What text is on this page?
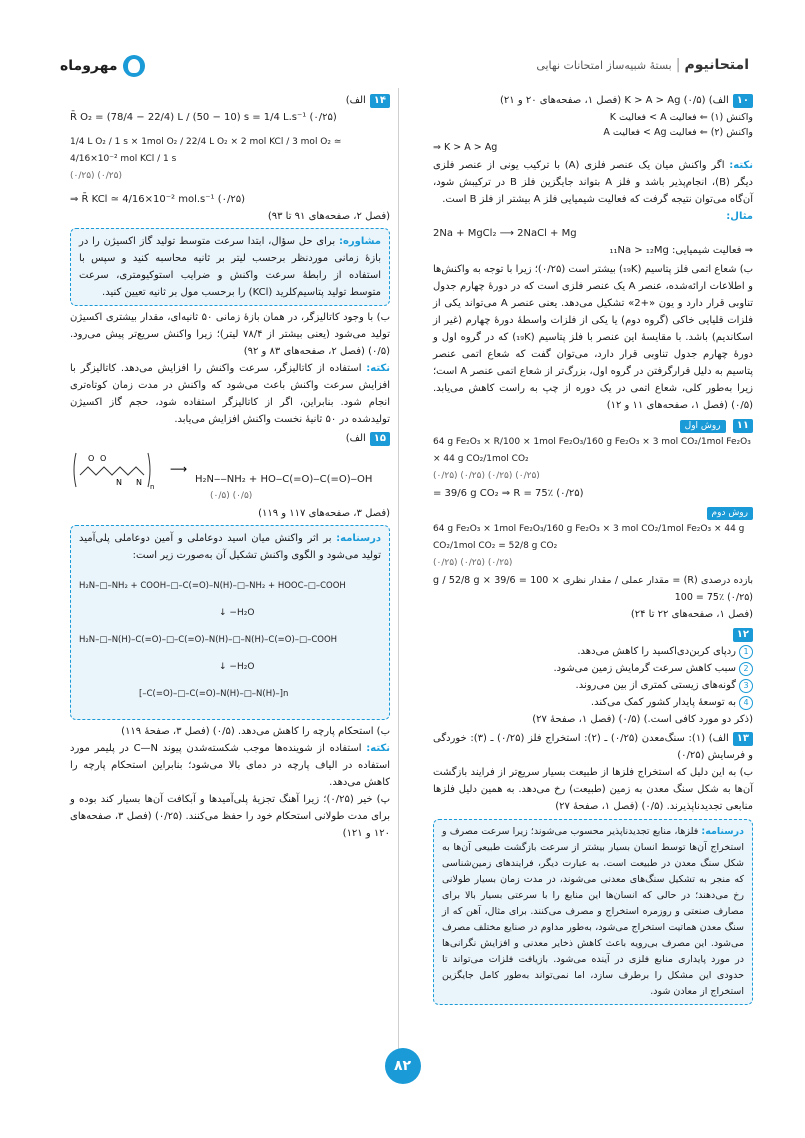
امتحانیوم|بستهٔ شبیه‌ساز امتحانات نهایی
مهروماه
۱۰الف) K > A > Ag (۰/۵) (فصل ۱، صفحه‌های ۲۰ و ۲۱)
واکنش (۱) ⇐ فعالیت A > فعالیت K
واکنش (۲) ⇐ فعالیت Ag > فعالیت A
⇒ K > A > Ag
نکته: اگر واکنش میان یک عنصر فلزی (A) با ترکیب یونی از عنصر فلزی دیگر (B)، انجام‌پذیر باشد و فلز A بتواند جایگزین فلز B در ترکیبش شود، آن‌گاه می‌توان نتیجه گرفت که فعالیت شیمیایی فلز A بیشتر از فلز B است.
مثال:
2Na + MgCl₂ ⟶ 2NaCl + Mg
⇒ فعالیت شیمیایی: ₁₁Na > ₁₂Mg
ب) شعاع اتمی فلز پتاسیم (₁₉K) بیشتر است (۰/۲۵)؛ زیرا با توجه به واکنش‌ها و اطلاعات ارائه‌شده، عنصر A یک عنصر فلزی است که در دورهٔ چهارم جدول تناوبی قرار دارد و یون «+2» تشکیل می‌دهد. یعنی عنصر A می‌تواند یکی از فلزات قلیایی خاکی (گروه دوم) یا یکی از فلزات واسطهٔ دورهٔ چهارم (غیر از اسکاندیم) باشد. با مقایسهٔ این عنصر با فلز پتاسیم (₁₉K) که در گروه اول و دورهٔ چهارم جدول تناوبی قرار دارد، می‌توان گفت که شعاع اتمی عنصر پتاسیم به دلیل قرارگرفتن در گروه اول، بزرگ‌تر از شعاع اتمی عنصر A است؛ زیرا به‌طور کلی، شعاع اتمی در یک دوره از چپ به راست کاهش می‌یابد. (۰/۵) (فصل ۱، صفحه‌های ۱۱ و ۱۲)
۱۱ روش اول
64 g Fe₂O₃ × R/100 × 1mol Fe₂O₃/160 g Fe₂O₃ × 3 mol CO₂/1mol Fe₂O₃ × 44 g CO₂/1mol CO₂
(۰/۲۵) (۰/۲۵) (۰/۲۵) (۰/۲۵)
= 39/6 g CO₂ ⇒ R = 75٪ (۰/۲۵)
روش دوم
64 g Fe₂O₃ × 1mol Fe₂O₃/160 g Fe₂O₃ × 3 mol CO₂/1mol Fe₂O₃ × 44 g CO₂/1mol CO₂ = 52/8 g CO₂
(۰/۲۵) (۰/۲۵) (۰/۲۵)
بازده درصدی (R) = مقدار عملی / مقدار نظری × 100 = 39/6 g / 52/8 g × 100 = 75٪ (۰/۲۵)
(فصل ۱، صفحه‌های ۲۲ تا ۲۴)
۱۲
1ردپای کربن‌دی‌اکسید را کاهش می‌دهد.
2سبب کاهش سرعت گرمایش زمین می‌شود.
3گونه‌های زیستی کمتری از بین می‌روند.
4به توسعهٔ پایدار کشور کمک می‌کند.
(ذکر دو مورد کافی است.) (۰/۵) (فصل ۱، صفحهٔ ۲۷)
۱۳الف) (۱): سنگ‌معدن (۰/۲۵) ـ (۲): استخراج فلز (۰/۲۵) ـ (۳): خوردگی و فرسایش (۰/۲۵)
ب) به این دلیل که استخراج فلزها از طبیعت بسیار سریع‌تر از فرایند بازگشت آن‌ها به شکل سنگ معدن به زمین (طبیعت) رخ می‌دهد. به همین دلیل فلزها منابعی تجدیدناپذیرند. (۰/۵) (فصل ۱، صفحهٔ ۲۷)
درسنامه: فلزها، منابع تجدیدناپذیر محسوب می‌شوند؛ زیرا سرعت مصرف و استخراج آن‌ها توسط انسان بسیار بیشتر از سرعت بازگشت طبیعی آن‌ها به شکل سنگ معدن در طبیعت است. به عبارت دیگر، فرایندهای زمین‌شناسی که منجر به تشکیل سنگ‌های معدنی می‌شوند، در مدت زمان بسیار طولانی رخ می‌دهند؛ در حالی که انسان‌ها این منابع را با سرعتی بسیار بالا برای مصارف صنعتی و روزمره استخراج و مصرف می‌کنند. برای مثال، آهن که از سنگ معدن هماتیت استخراج می‌شود، به‌طور مداوم در صنایع مختلف مصرف می‌شود. این مصرف بی‌رویه باعث کاهش ذخایر معدنی و افزایش نگرانی‌ها در مورد پایداری منابع فلزی در آینده می‌شود. بازیافت فلزات می‌تواند تا حدودی این مشکل را برطرف سازد، اما نمی‌تواند به‌طور کامل جایگزین استخراج از معادن شود.
۱۴الف)
R̄ O₂ = (78/4 − 22/4) L / (50 − 10) s = 1/4 L.s⁻¹ (۰/۲۵)
1/4 L O₂ / 1 s × 1mol O₂ / 22/4 L O₂ × 2 mol KCl / 3 mol O₂ ≃ 4/16×10⁻² mol KCl / 1 s
(۰/۲۵) (۰/۲۵)
⇒ R̄ KCl ≃ 4/16×10⁻² mol.s⁻¹ (۰/۲۵)
(فصل ۲، صفحه‌های ۹۱ تا ۹۳)
مشاوره: برای حل سؤال، ابتدا سرعت متوسط تولید گاز اکسیژن را در بازهٔ زمانی موردنظر برحسب لیتر بر ثانیه محاسبه کنید و سپس با استفاده از رابطهٔ سرعت واکنش و ضرایب استوکیومتری، سرعت متوسط تولید پتاسیم‌کلرید (KCl) را برحسب مول بر ثانیه تعیین کنید.
ب) با وجود کاتالیزگر، در همان بازهٔ زمانی ۵۰ ثانیه‌ای، مقدار بیشتری اکسیژن تولید می‌شود (یعنی بیشتر از ۷۸/۴ لیتر)؛ زیرا واکنش سریع‌تر پیش می‌رود. (۰/۵) (فصل ۲، صفحه‌های ۸۳ و ۹۲)
نکته: استفاده از کاتالیزگر، سرعت واکنش را افزایش می‌دهد. کاتالیزگر با افزایش سرعت واکنش باعث می‌شود که واکنش در مدت زمان کوتاه‌تری انجام شود. بنابراین، اگر از کاتالیزگر استفاده شود، حجم گاز اکسیژن تولیدشده در ۵۰ ثانیهٔ نخست واکنش افزایش می‌یابد.
۱۵الف)
O O
N N n
⟶
H₂N‒‒NH₂ + HO‒C(=O)‒C(=O)‒OH
(۰/۵) (۰/۵)
(فصل ۳، صفحه‌های ۱۱۷ و ۱۱۹)
درسنامه: بر اثر واکنش میان اسید دوعاملی و آمین دوعاملی پلی‌آمید تولید می‌شود و الگوی واکنش تشکیل آن به‌صورت زیر است:
H₂N–□–NH₂ + COOH–□–C(=O)–N(H)–□–NH₂ + HOOC–□–COOH
↓ −H₂O
H₂N–□–N(H)–C(=O)–□–C(=O)–N(H)–□–N(H)–C(=O)–□–COOH
↓ −H₂O
[–C(=O)–□–C(=O)–N(H)–□–N(H)–]n
ب) استحکام پارچه را کاهش می‌دهد. (۰/۵) (فصل ۳، صفحهٔ ۱۱۹)
نکته: استفاده از شوینده‌ها موجب شکسته‌شدن پیوند C—N در پلیمر مورد استفاده در الیاف پارچه در دمای بالا می‌شود؛ بنابراین استحکام پارچه را کاهش می‌دهد.
پ) خیر (۰/۲۵)؛ زیرا آهنگ تجزیهٔ پلی‌آمیدها و آبکافت آن‌ها بسیار کند بوده و برای مدت طولانی استحکام خود را حفظ می‌کنند. (۰/۲۵) (فصل ۳، صفحه‌های ۱۲۰ و ۱۲۱)
۸۲
